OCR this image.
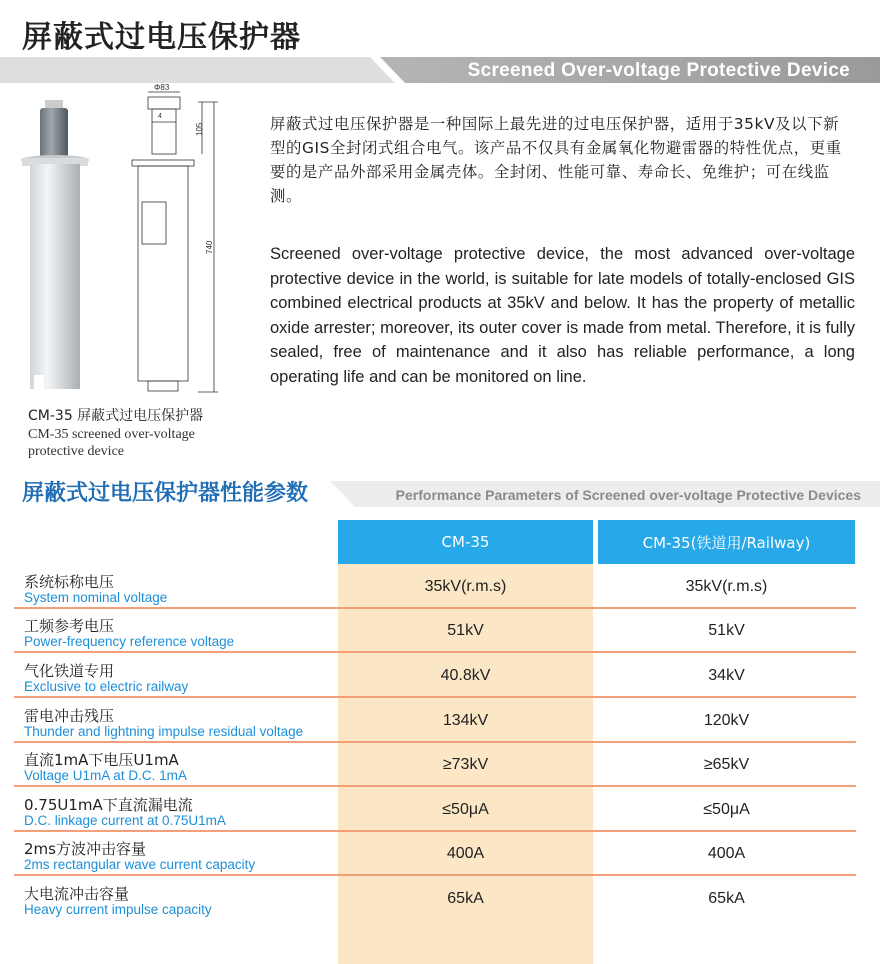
屏蔽式过电压保护器
Screened Over-voltage Protective Device
Φ83
4
105
740
CM-35 屏蔽式过电压保护器
CM-35 screened over-voltage protective device
屏蔽式过电压保护器是一种国际上最先进的过电压保护器，适用于35kV及以下新型的GIS全封闭式组合电气。该产品不仅具有金属氧化物避雷器的特性优点，更重要的是产品外部采用金属壳体。全封闭、性能可靠、寿命长、免维护；可在线监测。
Screened over-voltage protective device, the most advanced over-voltage protective device in the world, is suitable for late models of totally-enclosed GIS combined electrical products at 35kV and below. It has the property of metallic oxide arrester; moreover, its outer cover is made from metal. Therefore, it is fully sealed, free of maintenance and it also has reliable performance, a long operating life and can be monitored on line.
屏蔽式过电压保护器性能参数	Performance Parameters of Screened over-voltage Protective Devices
CM-35	CM-35(铁道用/Railway)
系统标称电压
System nominal voltage
35kV(r.m.s)	35kV(r.m.s)
工频参考电压
Power-frequency reference voltage
51kV	51kV
气化铁道专用
Exclusive to electric railway
40.8kV	34kV
雷电冲击残压
Thunder and lightning impulse residual voltage
134kV	120kV
直流1mA下电压U1mA
Voltage U1mA at D.C. 1mA
≥73kV	≥65kV
0.75U1mA下直流漏电流
D.C. linkage current at 0.75U1mA
≤50μA	≤50μA
2ms方波冲击容量
2ms rectangular wave current capacity
400A	400A
大电流冲击容量
Heavy current impulse capacity
65kA	65kA
